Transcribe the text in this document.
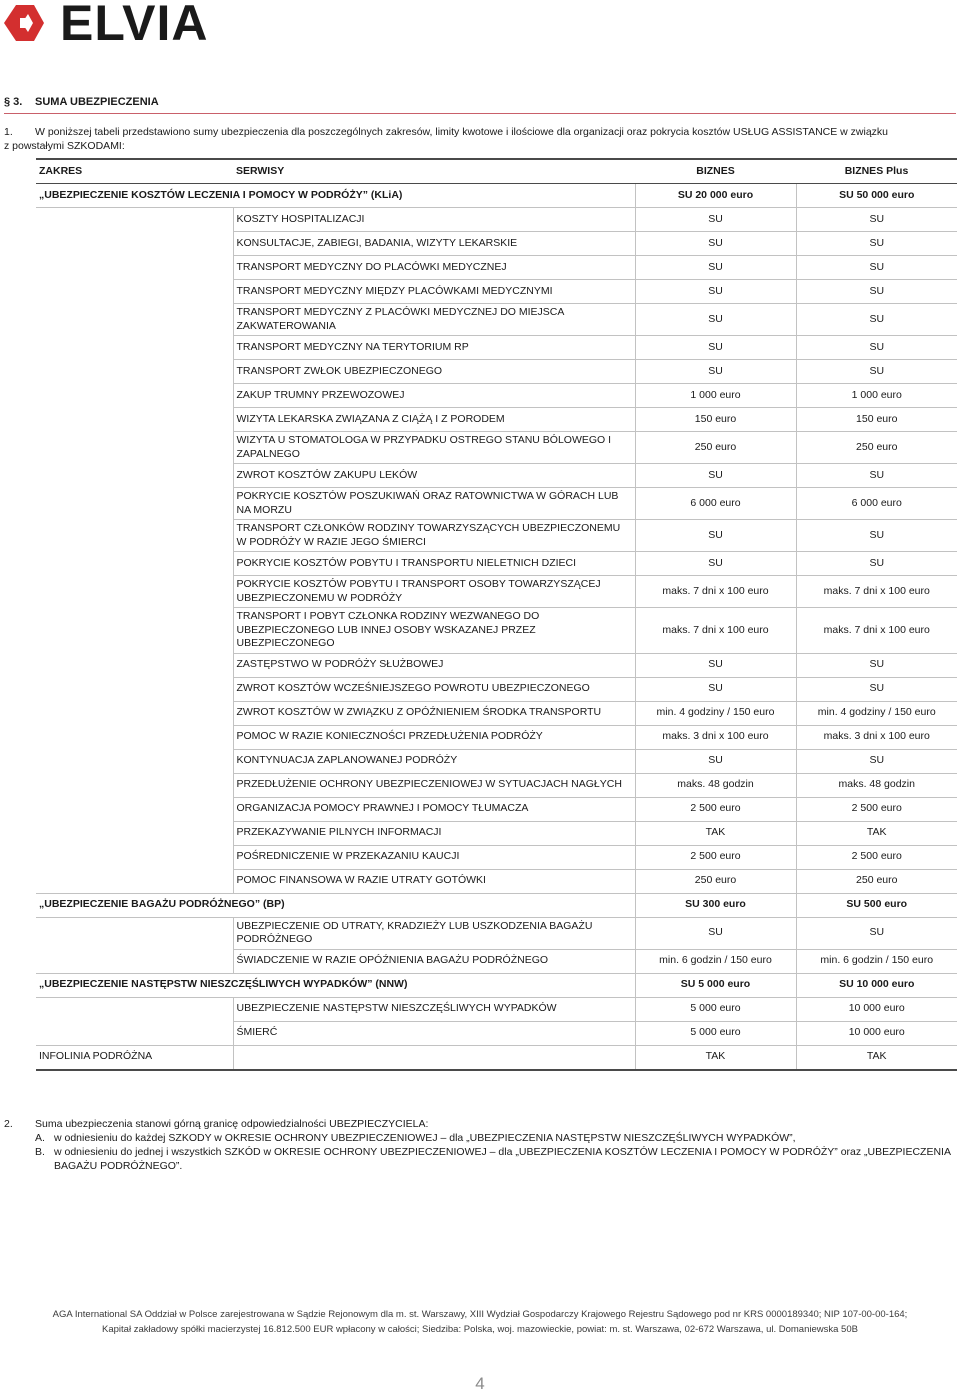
ELVIA
§ 3. SUMA UBEZPIECZENIA
1.	W poniższej tabeli przedstawiono sumy ubezpieczenia dla poszczególnych zakresów, limity kwotowe i ilościowe dla organizacji oraz pokrycia kosztów USŁUG ASSISTANCE w związku
z powstałymi SZKODAMI:
ZAKRES	SERWISY	BIZNES	BIZNES Plus
„UBEZPIECZENIE KOSZTÓW LECZENIA I POMOCY W PODRÓŻY” (KLiA)		SU 20 000 euro	SU 50 000 euro
	KOSZTY HOSPITALIZACJI	SU	SU
	KONSULTACJE, ZABIEGI, BADANIA, WIZYTY LEKARSKIE	SU	SU
	TRANSPORT MEDYCZNY DO PLACÓWKI MEDYCZNEJ	SU	SU
	TRANSPORT MEDYCZNY MIĘDZY PLACÓWKAMI MEDYCZNYMI	SU	SU
	TRANSPORT MEDYCZNY Z PLACÓWKI MEDYCZNEJ DO MIEJSCA ZAKWATEROWANIA	SU	SU
	TRANSPORT MEDYCZNY NA TERYTORIUM RP	SU	SU
	TRANSPORT ZWŁOK UBEZPIECZONEGO	SU	SU
	ZAKUP TRUMNY PRZEWOZOWEJ	1 000 euro	1 000 euro
	WIZYTA LEKARSKA ZWIĄZANA Z CIĄŻĄ I Z PORODEM	150 euro	150 euro
	WIZYTA U STOMATOLOGA W PRZYPADKU OSTREGO STANU BÓLOWEGO I ZAPALNEGO	250 euro	250 euro
	ZWROT KOSZTÓW ZAKUPU LEKÓW	SU	SU
	POKRYCIE KOSZTÓW POSZUKIWAŃ ORAZ RATOWNICTWA W GÓRACH LUB NA MORZU	6 000 euro	6 000 euro
	TRANSPORT CZŁONKÓW RODZINY TOWARZYSZĄCYCH UBEZPIECZONEMU W PODRÓŻY W RAZIE JEGO ŚMIERCI	SU	SU
	POKRYCIE KOSZTÓW POBYTU I TRANSPORTU NIELETNICH DZIECI	SU	SU
	POKRYCIE KOSZTÓW POBYTU I TRANSPORT OSOBY TOWARZYSZĄCEJ UBEZPIECZONEMU W PODRÓŻY	maks. 7 dni x 100 euro	maks. 7 dni x 100 euro
	TRANSPORT I POBYT CZŁONKA RODZINY WEZWANEGO DO UBEZPIECZONEGO LUB INNEJ OSOBY WSKAZANEJ PRZEZ UBEZPIECZONEGO	maks. 7 dni x 100 euro	maks. 7 dni x 100 euro
	ZASTĘPSTWO W PODRÓŻY SŁUŻBOWEJ	SU	SU
	ZWROT KOSZTÓW WCZEŚNIEJSZEGO POWROTU UBEZPIECZONEGO	SU	SU
	ZWROT KOSZTÓW W ZWIĄZKU Z OPÓŹNIENIEM ŚRODKA TRANSPORTU	min. 4 godziny / 150 euro	min. 4 godziny / 150 euro
	POMOC W RAZIE KONIECZNOŚCI PRZEDŁUŻENIA PODRÓŻY	maks. 3 dni x 100 euro	maks. 3 dni x 100 euro
	KONTYNUACJA ZAPLANOWANEJ PODRÓŻY	SU	SU
	PRZEDŁUŻENIE OCHRONY UBEZPIECZENIOWEJ W SYTUACJACH NAGŁYCH	maks. 48 godzin	maks. 48 godzin
	ORGANIZACJA POMOCY PRAWNEJ I POMOCY TŁUMACZA	2 500 euro	2 500 euro
	PRZEKAZYWANIE PILNYCH INFORMACJI	TAK	TAK
	POŚREDNICZENIE W PRZEKAZANIU KAUCJI	2 500 euro	2 500 euro
	POMOC FINANSOWA W RAZIE UTRATY GOTÓWKI	250 euro	250 euro
„UBEZPIECZENIE BAGAŻU PODRÓŻNEGO” (BP)		SU 300 euro	SU 500 euro
	UBEZPIECZENIE OD UTRATY, KRADZIEŻY LUB USZKODZENIA BAGAŻU PODRÓŻNEGO	SU	SU
	ŚWIADCZENIE W RAZIE OPÓŹNIENIA BAGAŻU PODRÓŻNEGO	min. 6 godzin / 150 euro	min. 6 godzin / 150 euro
„UBEZPIECZENIE NASTĘPSTW NIESZCZĘŚLIWYCH WYPADKÓW” (NNW)		SU 5 000 euro	SU 10 000 euro
	UBEZPIECZENIE NASTĘPSTW NIESZCZĘŚLIWYCH WYPADKÓW	5 000 euro	10 000 euro
	ŚMIERĆ	5 000 euro	10 000 euro
INFOLINIA PODRÓŻNA		TAK	TAK
2. Suma ubezpieczenia stanowi górną granicę odpowiedzialności UBEZPIECZYCIELA:
A. w odniesieniu do każdej SZKODY w OKRESIE OCHRONY UBEZPIECZENIOWEJ – dla „UBEZPIECZENIA NASTĘPSTW NIESZCZĘŚLIWYCH WYPADKÓW”,
B. w odniesieniu do jednej i wszystkich SZKÓD w OKRESIE OCHRONY UBEZPIECZENIOWEJ – dla „UBEZPIECZENIA KOSZTÓW LECZENIA I POMOCY W PODRÓŻY” oraz „UBEZPIECZENIA BAGAŻU PODRÓŻNEGO”.
AGA International SA Oddział w Polsce zarejestrowana w Sądzie Rejonowym dla m. st. Warszawy, XIII Wydział Gospodarczy Krajowego Rejestru Sądowego pod nr KRS 0000189340; NIP 107-00-00-164;
Kapitał zakładowy spółki macierzystej 16.812.500 EUR wpłacony w całości; Siedziba: Polska, woj. mazowieckie, powiat: m. st. Warszawa, 02-672 Warszawa, ul. Domaniewska 50B
4
